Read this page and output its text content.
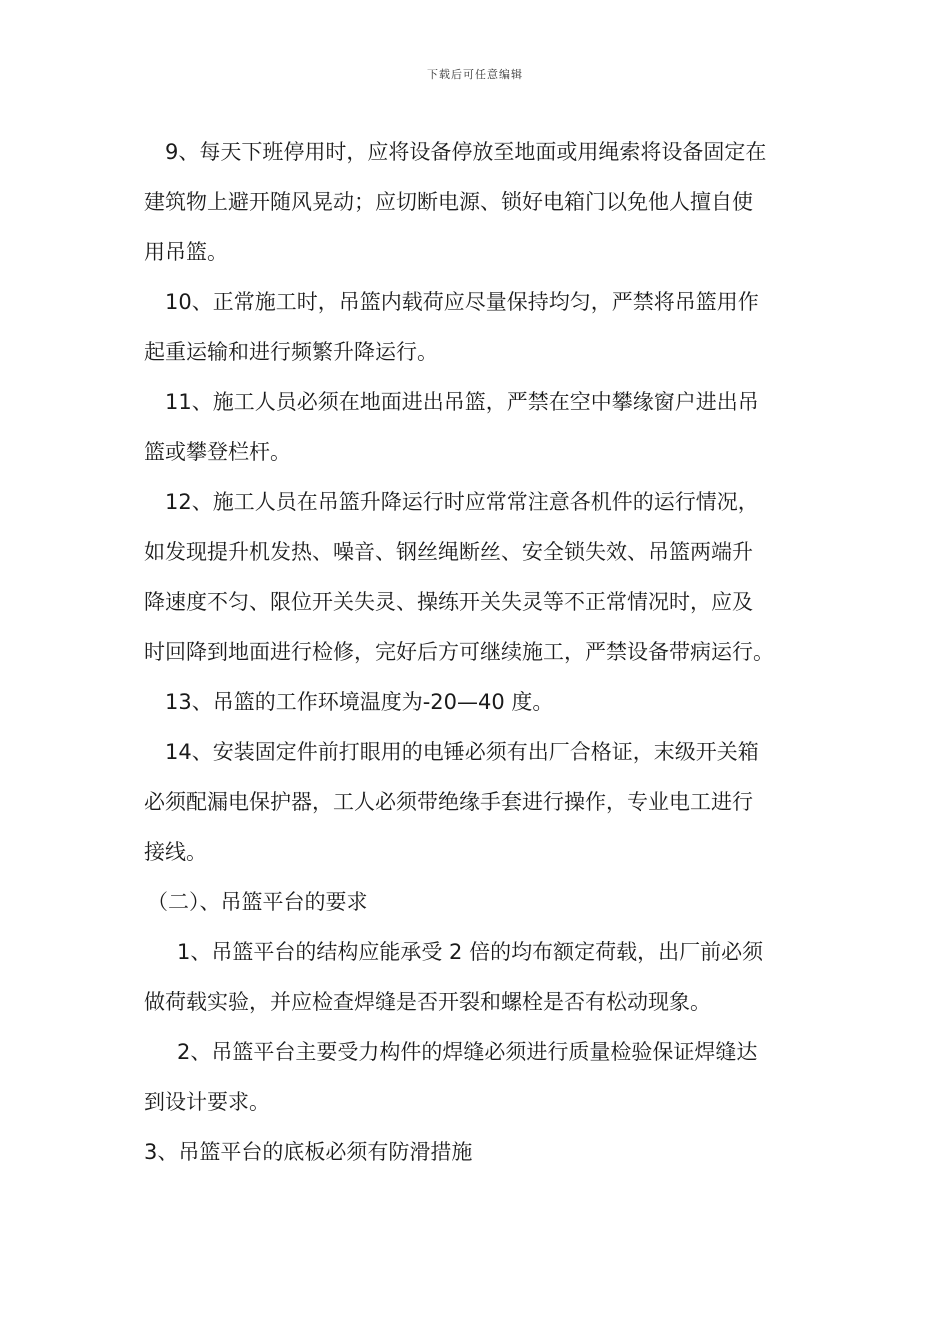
下载后可任意编辑
9、每天下班停用时，应将设备停放至地面或用绳索将设备固定在
建筑物上避开随风晃动；应切断电源、锁好电箱门以免他人擅自使
用吊篮。
10、正常施工时，吊篮内载荷应尽量保持均匀，严禁将吊篮用作
起重运输和进行频繁升降运行。
11、施工人员必须在地面进出吊篮，严禁在空中攀缘窗户进出吊
篮或攀登栏杆。
12、施工人员在吊篮升降运行时应常常注意各机件的运行情况，
如发现提升机发热、噪音、钢丝绳断丝、安全锁失效、吊篮两端升
降速度不匀、限位开关失灵、操练开关失灵等不正常情况时，应及
时回降到地面进行检修，完好后方可继续施工，严禁设备带病运行。
13、吊篮的工作环境温度为-20—40 度。
14、安装固定件前打眼用的电锤必须有出厂合格证，末级开关箱
必须配漏电保护器，工人必须带绝缘手套进行操作，专业电工进行
接线。
（二）、吊篮平台的要求
1、吊篮平台的结构应能承受 2 倍的均布额定荷载，出厂前必须
做荷载实验，并应检查焊缝是否开裂和螺栓是否有松动现象。
2、吊篮平台主要受力构件的焊缝必须进行质量检验保证焊缝达
到设计要求。
3、吊篮平台的底板必须有防滑措施
